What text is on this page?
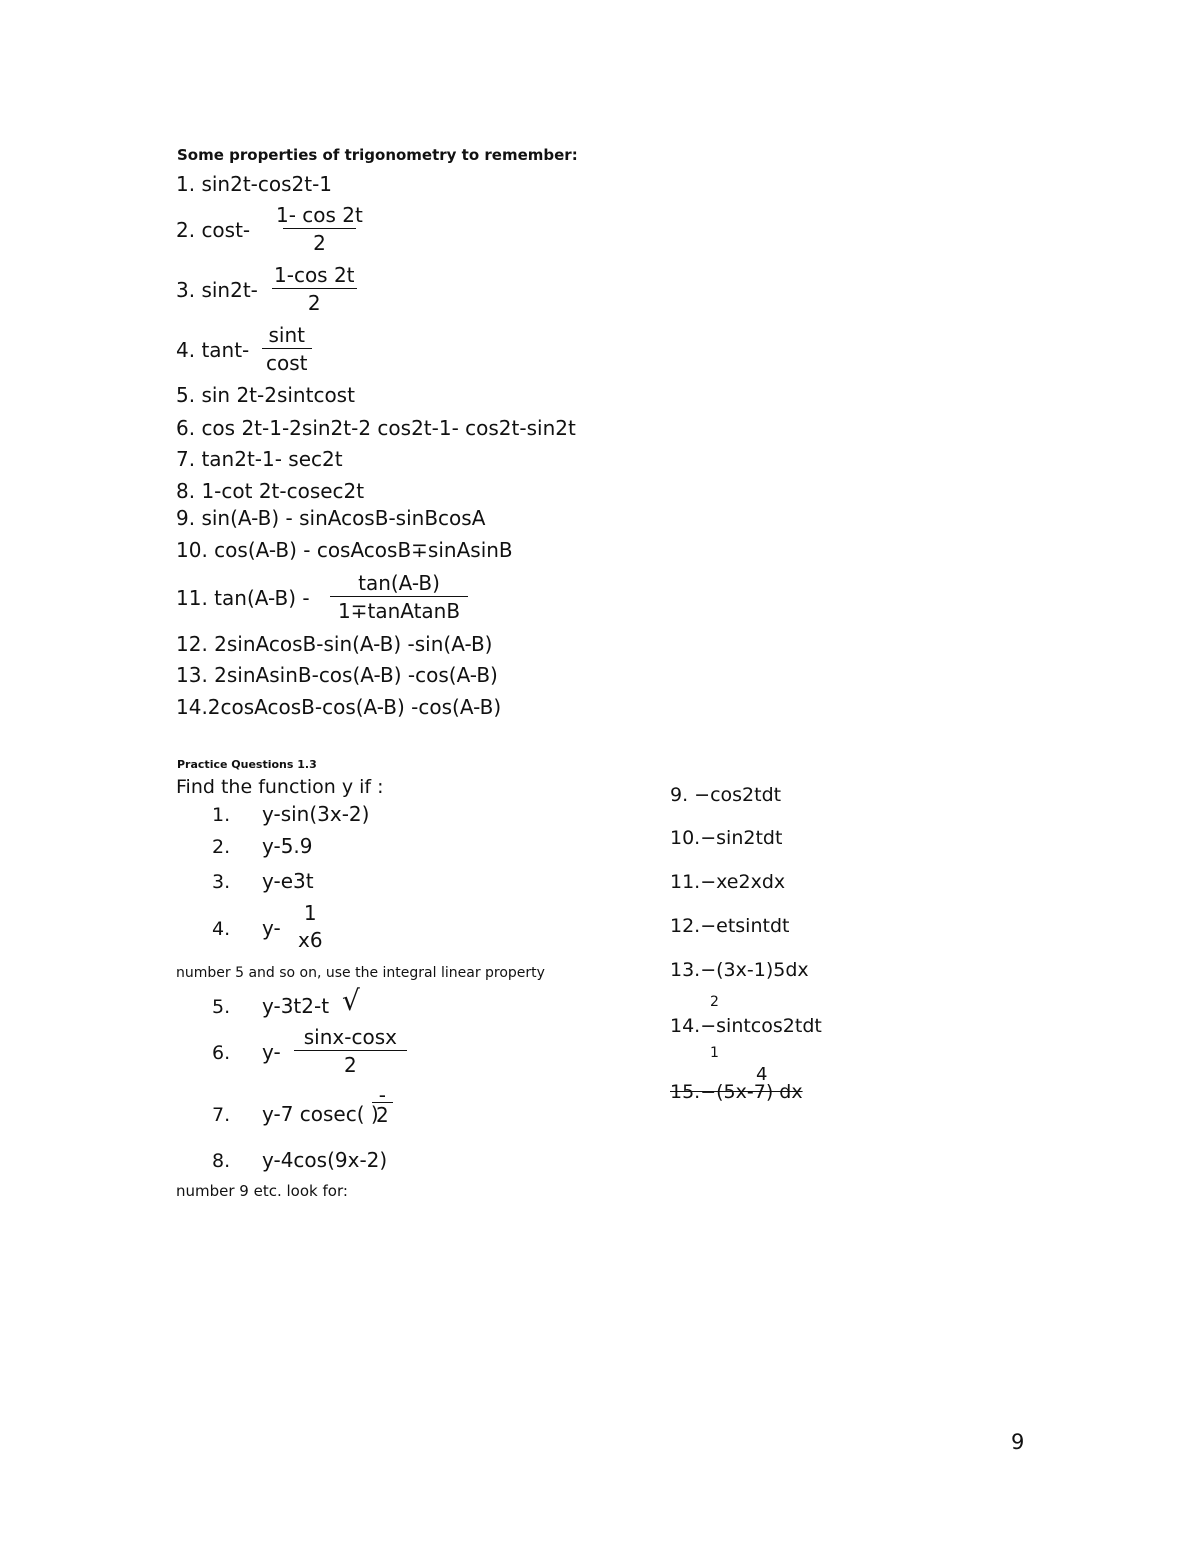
Some properties of trigonometry to remember:
1. sin2t-cos2t-1
2. $\cos t- \frac{1- \cos 2t}{2}$
3. $\sin 2t- \frac{1-\cos 2t}{2}$
4. $\tan t- \frac{\sin t}{\cos t}$
5. sin 2t-2sintcost
6. cos 2t-1-2sin2t-2 cos2t-1- cos2t-sin2t
7. tan2t-1- sec2t
8. 1-cot 2t-cosec2t
9. sin(A-B) - sinAcosB-sinBcosA
10. cos(A-B) - cosAcosB∓sinAsinB
11. $\tan(A-B) - \frac{\tan(A-B)}{\text{1∓tanAtanB}}$
12. 2sinAcosB-sin(A-B) -sin(A-B)
13. 2sinAsinB-cos(A-B) -cos(A-B)
14.2cosAcosB-cos(A-B) -cos(A-B)
Practice Questions 1.3
Find the function y if :
1. y-sin(3x-2)
2. y-5.9
3. y-e3t
4. y-
1
x6
number 5 and so on, use the integral linear property
5. y-3t2-t √
6. $y- \frac{\sin x-\cos x}{2}$
7. y-7 cosec( )
-
2
8. y-4cos(9x-2)
number 9 etc. look for:
9. −cos2tdt
10.−sin2tdt
11.−xe2xdx
12.−etsintdt
13.−(3x-1)5dx
2
14.−sintcos2tdt
1
4
15.−(5x-7) dx
9
